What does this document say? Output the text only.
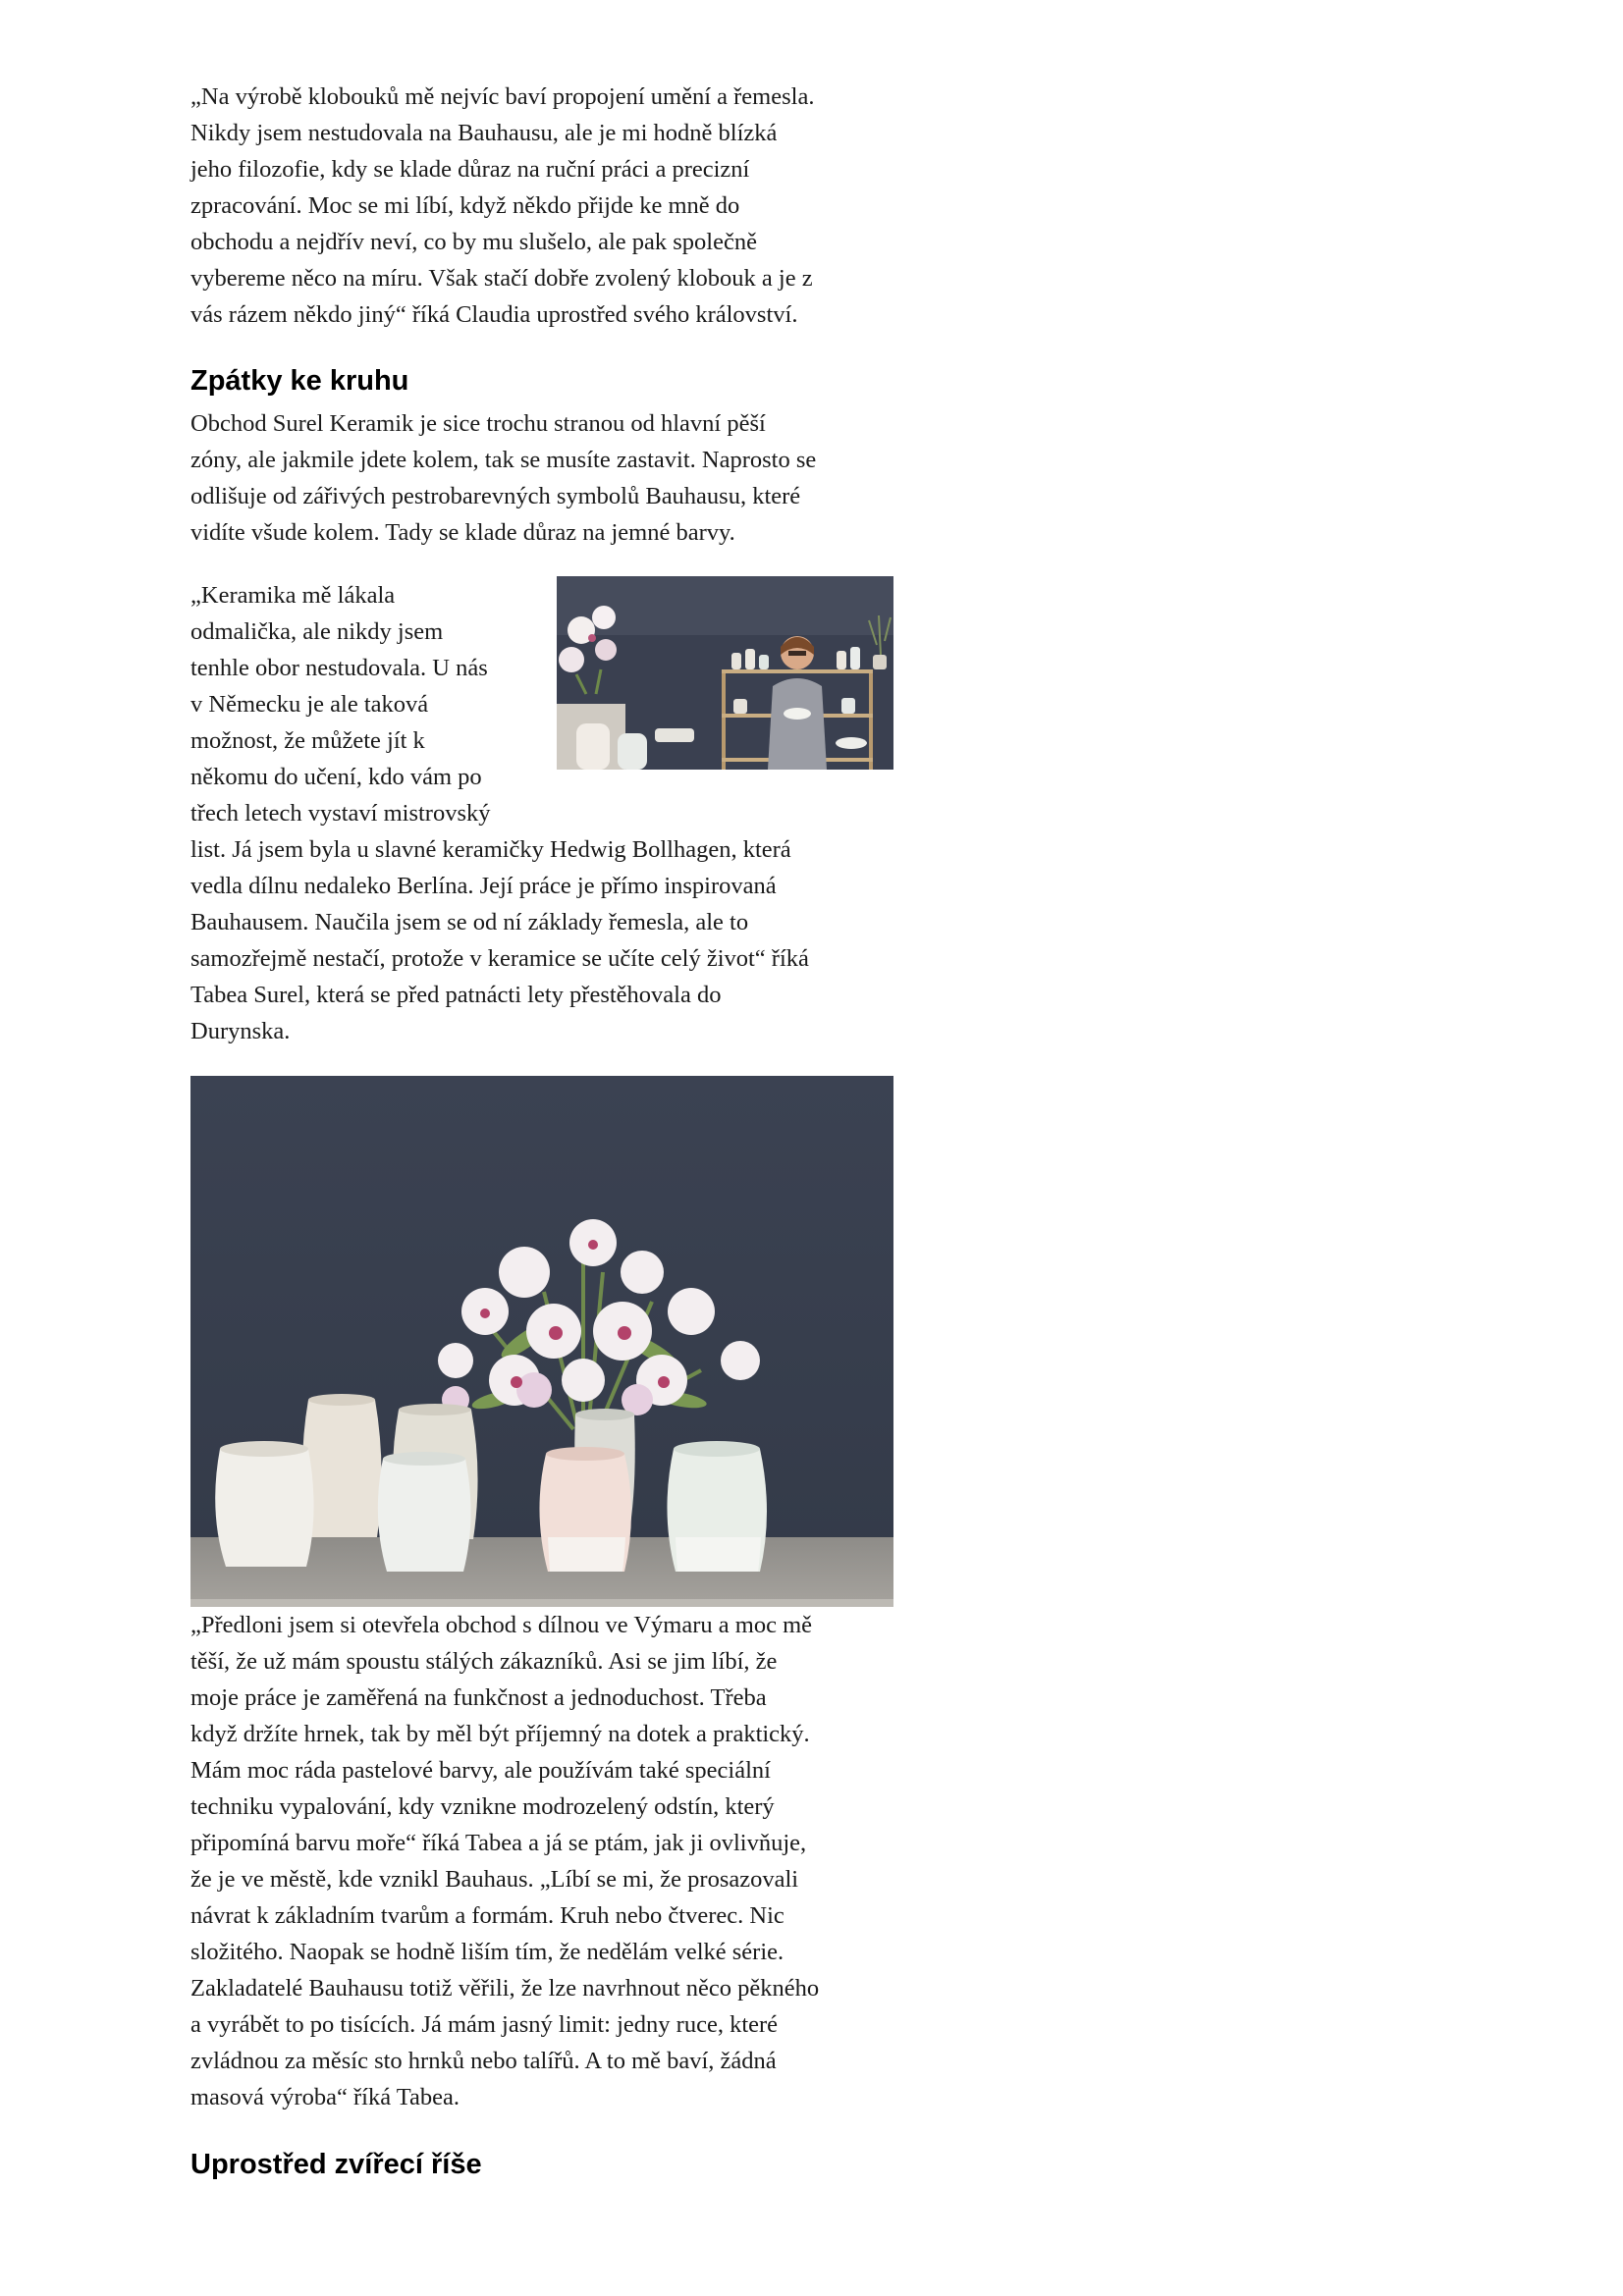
„Na výrobě klobouků mě nejvíc baví propojení umění a řemesla.
Nikdy jsem nestudovala na Bauhausu, ale je mi hodně blízká
jeho filozofie, kdy se klade důraz na ruční práci a precizní
zpracování. Moc se mi líbí, když někdo přijde ke mně do
obchodu a nejdřív neví, co by mu slušelo, ale pak společně
vybereme něco na míru. Však stačí dobře zvolený klobouk a je z
vás rázem někdo jiný“ říká Claudia uprostřed svého království.
Zpátky ke kruhu
Obchod Surel Keramik je sice trochu stranou od hlavní pěší
zóny, ale jakmile jdete kolem, tak se musíte zastavit. Naprosto se
odlišuje od zářivých pestrobarevných symbolů Bauhausu, které
vidíte všude kolem. Tady se klade důraz na jemné barvy.
„Keramika mě lákala
odmalička, ale nikdy jsem
tenhle obor nestudovala. U nás
v Německu je ale taková
možnost, že můžete jít k
někomu do učení, kdo vám po
třech letech vystaví mistrovský
list. Já jsem byla u slavné keramičky Hedwig Bollhagen, která
vedla dílnu nedaleko Berlína. Její práce je přímo inspirovaná
Bauhausem. Naučila jsem se od ní základy řemesla, ale to
samozřejmě nestačí, protože v keramice se učíte celý život“ říká
Tabea Surel, která se před patnácti lety přestěhovala do
Durynska.
„Předloni jsem si otevřela obchod s dílnou ve Výmaru a moc mě
těší, že už mám spoustu stálých zákazníků. Asi se jim líbí, že
moje práce je zaměřená na funkčnost a jednoduchost. Třeba
když držíte hrnek, tak by měl být příjemný na dotek a praktický.
Mám moc ráda pastelové barvy, ale používám také speciální
techniku vypalování, kdy vznikne modrozelený odstín, který
připomíná barvu moře“ říká Tabea a já se ptám, jak ji ovlivňuje,
že je ve městě, kde vznikl Bauhaus. „Líbí se mi, že prosazovali
návrat k základním tvarům a formám. Kruh nebo čtverec. Nic
složitého. Naopak se hodně liším tím, že nedělám velké série.
Zakladatelé Bauhausu totiž věřili, že lze navrhnout něco pěkného
a vyrábět to po tisících. Já mám jasný limit: jedny ruce, které
zvládnou za měsíc sto hrnků nebo talířů. A to mě baví, žádná
masová výroba“ říká Tabea.
Uprostřed zvířecí říše
